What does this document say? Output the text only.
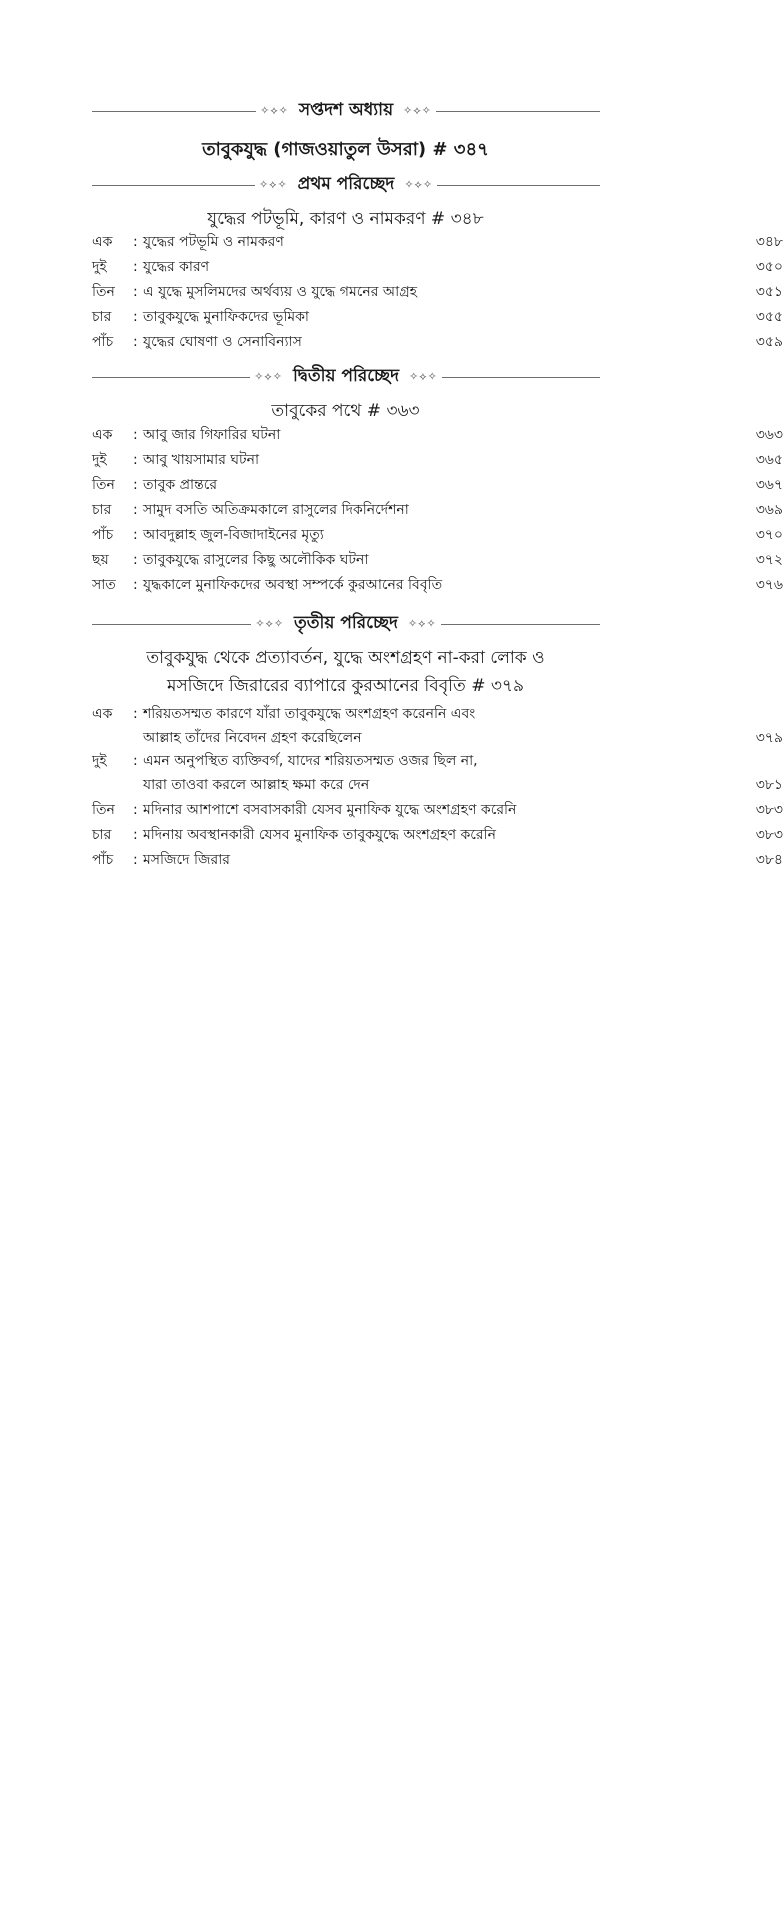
✧⟡✧ সপ্তদশ অধ্যায় ✧⟡✧
তাবুকযুদ্ধ (গাজওয়াতুল উসরা) # ৩৪৭
✧⟡✧ প্রথম পরিচ্ছেদ ✧⟡✧
যুদ্ধের পটভূমি, কারণ ও নামকরণ # ৩৪৮
এক	: যুদ্ধের পটভূমি ও নামকরণ	৩৪৮
দুই	: যুদ্ধের কারণ	৩৫০
তিন	: এ যুদ্ধে মুসলিমদের অর্থব্যয় ও যুদ্ধে গমনের আগ্রহ	৩৫১
চার	: তাবুকযুদ্ধে মুনাফিকদের ভূমিকা	৩৫৫
পাঁচ	: যুদ্ধের ঘোষণা ও সেনাবিন্যাস	৩৫৯
✧⟡✧ দ্বিতীয় পরিচ্ছেদ ✧⟡✧
তাবুকের পথে # ৩৬৩
এক	: আবু জার গিফারির ঘটনা	৩৬৩
দুই	: আবু খায়সামার ঘটনা	৩৬৫
তিন	: তাবুক প্রান্তরে	৩৬৭
চার	: সামুদ বসতি অতিক্রমকালে রাসুলের দিকনির্দেশনা	৩৬৯
পাঁচ	: আবদুল্লাহ জুল-বিজাদাইনের মৃত্যু	৩৭০
ছয়	: তাবুকযুদ্ধে রাসুলের কিছু অলৌকিক ঘটনা	৩৭২
সাত	: যুদ্ধকালে মুনাফিকদের অবস্থা সম্পর্কে কুরআনের বিবৃতি	৩৭৬
✧⟡✧ তৃতীয় পরিচ্ছেদ ✧⟡✧
তাবুকযুদ্ধ থেকে প্রত্যাবর্তন, যুদ্ধে অংশগ্রহণ না-করা লোক ও
মসজিদে জিরারের ব্যাপারে কুরআনের বিবৃতি # ৩৭৯
এক	: শরিয়তসম্মত কারণে যাঁরা তাবুকযুদ্ধে অংশগ্রহণ করেননি এবং
আল্লাহ তাঁদের নিবেদন গ্রহণ করেছিলেন	৩৭৯
দুই	: এমন অনুপস্থিত ব্যক্তিবর্গ, যাদের শরিয়তসম্মত ওজর ছিল না,
যারা তাওবা করলে আল্লাহ ক্ষমা করে দেন	৩৮১
তিন	: মদিনার আশপাশে বসবাসকারী যেসব মুনাফিক যুদ্ধে অংশগ্রহণ করেনি	৩৮৩
চার	: মদিনায় অবস্থানকারী যেসব মুনাফিক তাবুকযুদ্ধে অংশগ্রহণ করেনি	৩৮৩
পাঁচ	: মসজিদে জিরার	৩৮৪
